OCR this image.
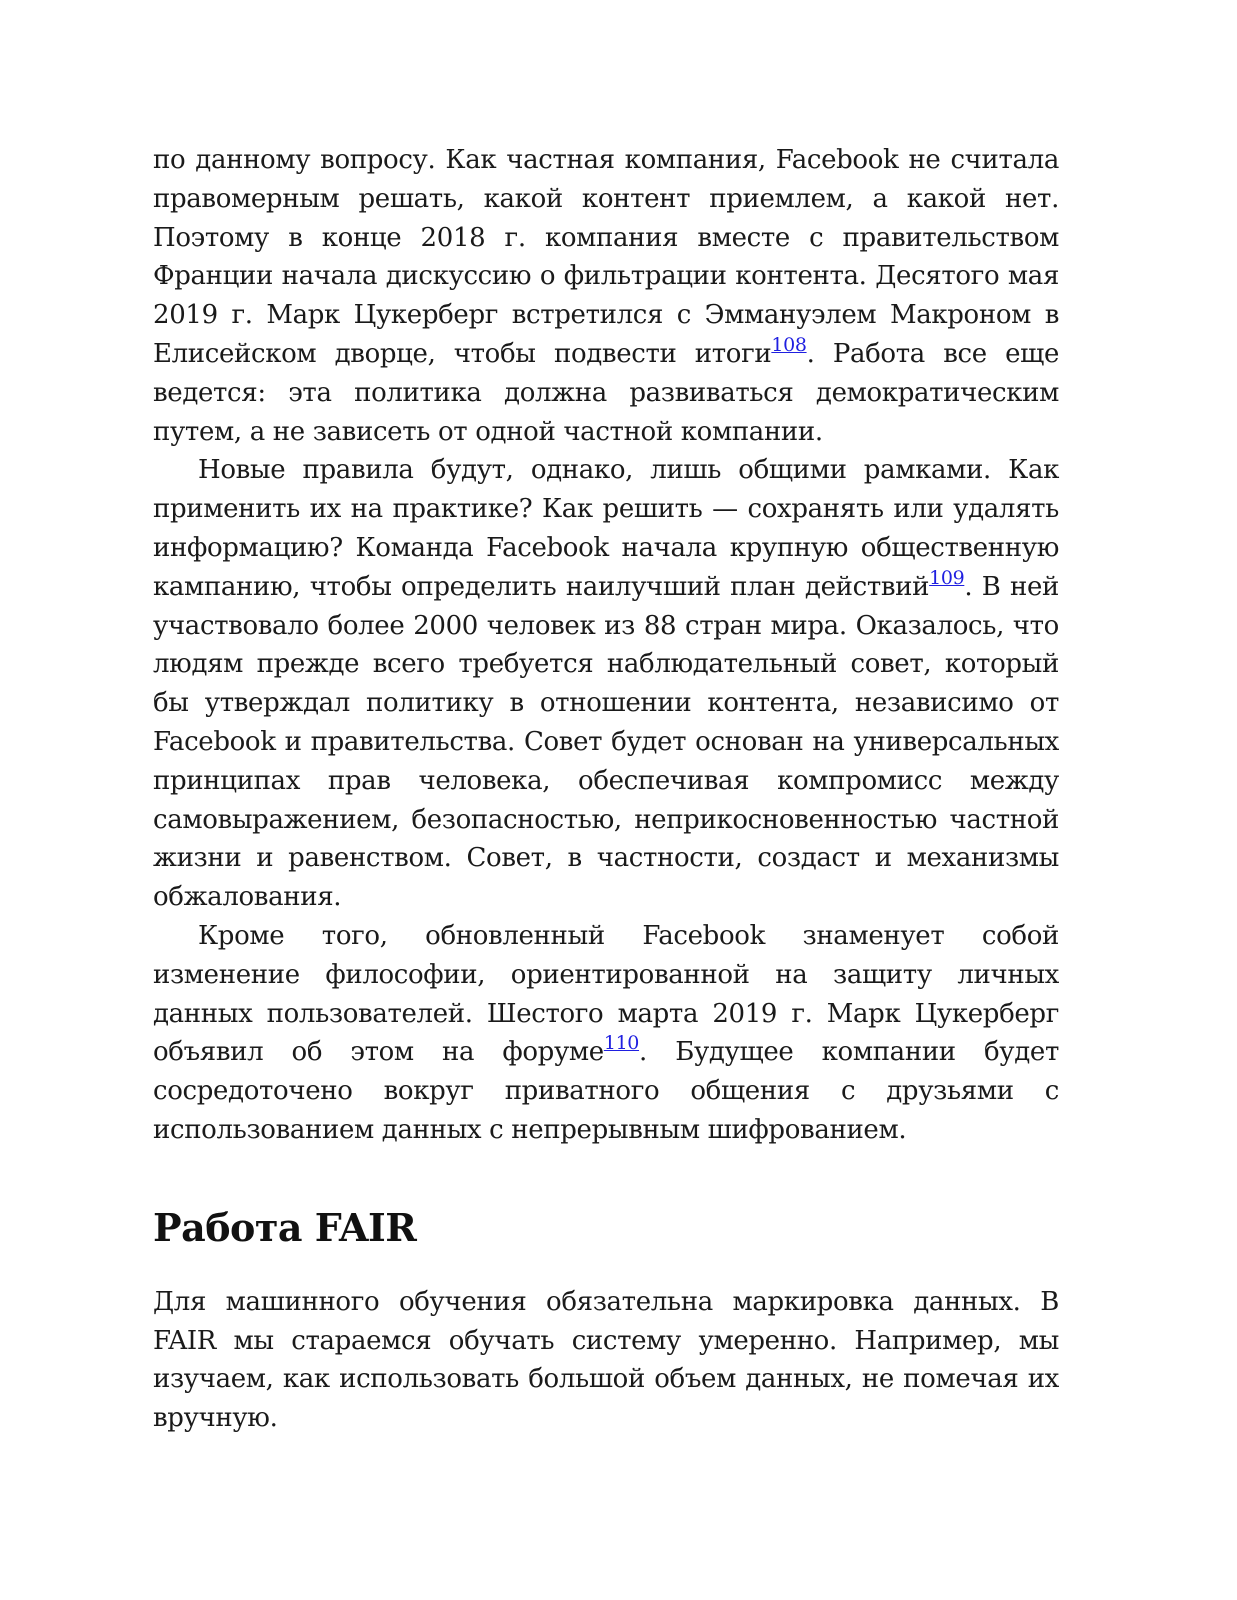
по данному вопросу. Как частная компания, Facebook не считала правомерным решать, какой контент приемлем, а какой нет. Поэтому в конце 2018 г. компания вместе с правительством Франции начала дискуссию о фильтрации контента. Десятого мая 2019 г. Марк Цукерберг встретился с Эммануэлем Макроном в Елисейском дворце, чтобы подвести итоги$^{108}$. Работа все еще ведется: эта политика должна развиваться демократическим путем, а не зависеть от одной частной компании.

Новые правила будут, однако, лишь общими рамками. Как применить их на практике? Как решить — сохранять или удалять информацию? Команда Facebook начала крупную общественную кампанию, чтобы определить наилучший план действий$^{109}$. В ней участвовало более 2000 человек из 88 стран мира. Оказалось, что людям прежде всего требуется наблюдательный совет, который бы утверждал политику в отношении контента, независимо от Facebook и правительства. Совет будет основан на универсальных принципах прав человека, обеспечивая компромисс между самовыражением, безопасностью, неприкосновенностью частной жизни и равенством. Совет, в частности, создаст и механизмы обжалования.

Кроме того, обновленный Facebook знаменует собой изменение философии, ориентированной на защиту личных данных пользователей. Шестого марта 2019 г. Марк Цукерберг объявил об этом на форуме$^{110}$. Будущее компании будет сосредоточено вокруг приватного общения с друзьями с использованием данных с непрерывным шифрованием.

Работа FAIR

Для машинного обучения обязательна маркировка данных. В FAIR мы стараемся обучать систему умеренно. Например, мы изучаем, как использовать большой объем данных, не помечая их вручную.
